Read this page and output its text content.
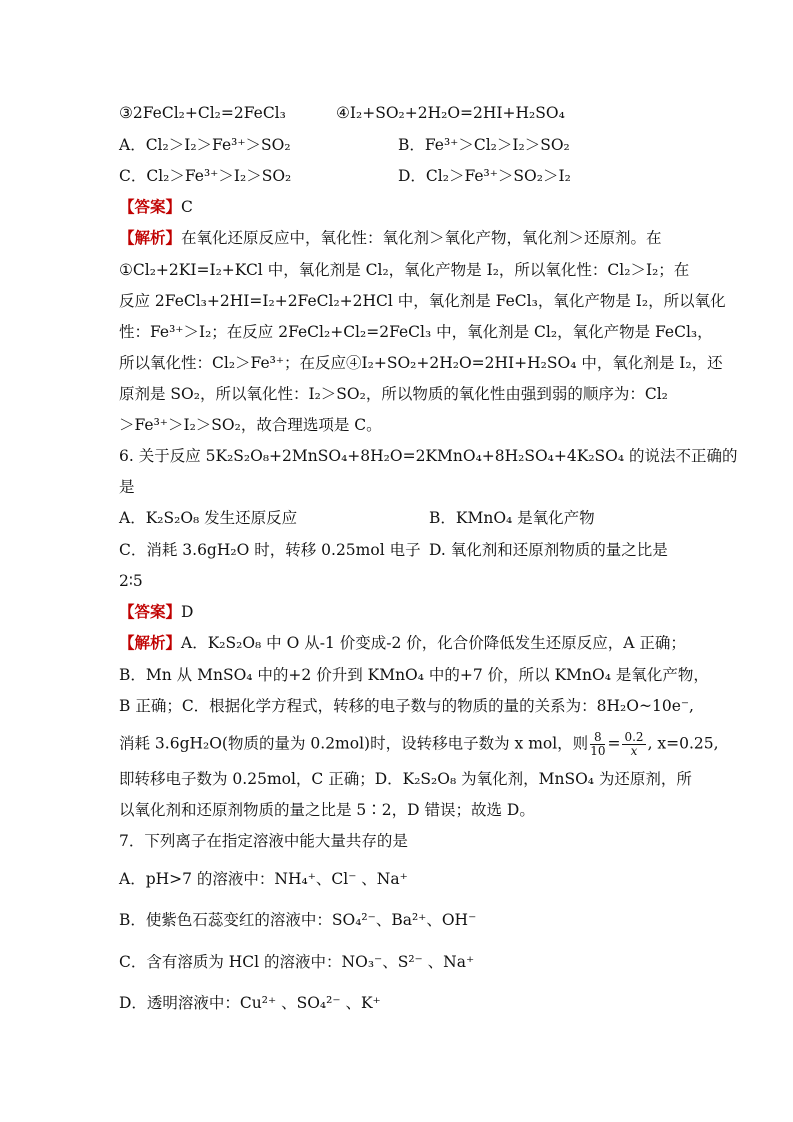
③2FeCl₂+Cl₂=2FeCl₃	④I₂+SO₂+2H₂O=2HI+H₂SO₄
A．Cl₂＞I₂＞Fe³⁺＞SO₂	B．Fe³⁺＞Cl₂＞I₂＞SO₂
C．Cl₂＞Fe³⁺＞I₂＞SO₂	D．Cl₂＞Fe³⁺＞SO₂＞I₂
【答案】C
【解析】在氧化还原反应中，氧化性：氧化剂＞氧化产物，氧化剂＞还原剂。在
①Cl₂+2KI=I₂+KCl 中，氧化剂是 Cl₂，氧化产物是 I₂，所以氧化性：Cl₂＞I₂；在
反应 2FeCl₃+2HI=I₂+2FeCl₂+2HCl 中，氧化剂是 FeCl₃，氧化产物是 I₂，所以氧化
性：Fe³⁺＞I₂；在反应 2FeCl₂+Cl₂=2FeCl₃ 中，氧化剂是 Cl₂，氧化产物是 FeCl₃，
所以氧化性：Cl₂＞Fe³⁺；在反应④I₂+SO₂+2H₂O=2HI+H₂SO₄ 中，氧化剂是 I₂，还
原剂是 SO₂，所以氧化性：I₂＞SO₂，所以物质的氧化性由强到弱的顺序为：Cl₂
＞Fe³⁺＞I₂＞SO₂，故合理选项是 C。
6. 关于反应 5K₂S₂O₈+2MnSO₄+8H₂O=2KMnO₄+8H₂SO₄+4K₂SO₄ 的说法不正确的
是
A．K₂S₂O₈ 发生还原反应	B．KMnO₄ 是氧化产物
C．消耗 3.6gH₂O 时，转移 0.25mol 电子 D. 氧化剂和还原剂物质的量之比是
2∶5
【答案】D
【解析】A．K₂S₂O₈ 中 O 从-1 价变成-2 价，化合价降低发生还原反应，A 正确；
B．Mn 从 MnSO₄ 中的+2 价升到 KMnO₄ 中的+7 价，所以 KMnO₄ 是氧化产物，
B 正确；C．根据化学方程式，转移的电子数与的物质的量的关系为：8H₂O~10e⁻,
消耗 3.6gH₂O(物质的量为 0.2mol)时，设转移电子数为 x mol，则 $\frac{8}{10} = \frac{0.2}{x}$ , x=0.25,
即转移电子数为 0.25mol，C 正确；D．K₂S₂O₈ 为氧化剂，MnSO₄ 为还原剂，所
以氧化剂和还原剂物质的量之比是 5∶2，D 错误；故选 D。
7．下列离子在指定溶液中能大量共存的是
A．pH>7 的溶液中：NH₄⁺、Cl⁻ 、Na⁺
B．使紫色石蕊变红的溶液中：SO₄²⁻、Ba²⁺、OH⁻
C．含有溶质为 HCl 的溶液中：NO₃⁻、S²⁻ 、Na⁺
D．透明溶液中：Cu²⁺ 、SO₄²⁻ 、K⁺
